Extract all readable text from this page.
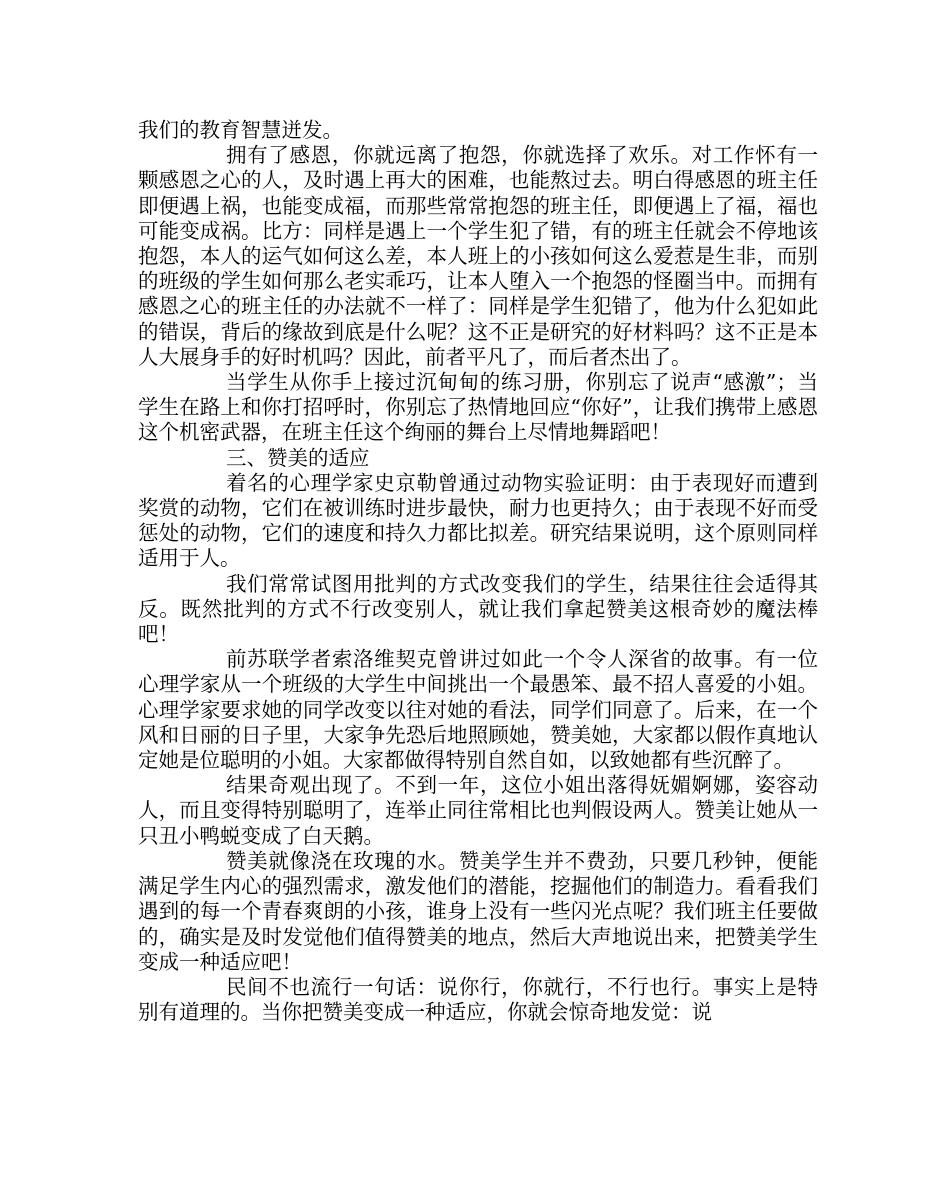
我们的教育智慧迸发。

拥有了感恩，你就远离了抱怨，你就选择了欢乐。对工作怀有一颗感恩之心的人，及时遇上再大的困难，也能熬过去。明白得感恩的班主任即便遇上祸，也能变成福，而那些常常抱怨的班主任，即便遇上了福，福也可能变成祸。比方：同样是遇上一个学生犯了错，有的班主任就会不停地该抱怨，本人的运气如何这么差，本人班上的小孩如何这么爱惹是生非，而别的班级的学生如何那么老实乖巧，让本人堕入一个抱怨的怪圈当中。而拥有感恩之心的班主任的办法就不一样了：同样是学生犯错了，他为什么犯如此的错误，背后的缘故到底是什么呢？这不正是研究的好材料吗？这不正是本人大展身手的好时机吗？因此，前者平凡了，而后者杰出了。

当学生从你手上接过沉甸甸的练习册，你别忘了说声“感激”；当学生在路上和你打招呼时，你别忘了热情地回应“你好”，让我们携带上感恩这个机密武器，在班主任这个绚丽的舞台上尽情地舞蹈吧！

三、赞美的适应

着名的心理学家史京勒曾通过动物实验证明：由于表现好而遭到奖赏的动物，它们在被训练时进步最快，耐力也更持久；由于表现不好而受惩处的动物，它们的速度和持久力都比拟差。研究结果说明，这个原则同样适用于人。

我们常常试图用批判的方式改变我们的学生，结果往往会适得其反。既然批判的方式不行改变别人，就让我们拿起赞美这根奇妙的魔法棒吧！

前苏联学者索洛维契克曾讲过如此一个令人深省的故事。有一位心理学家从一个班级的大学生中间挑出一个最愚笨、最不招人喜爱的小姐。心理学家要求她的同学改变以往对她的看法，同学们同意了。后来，在一个风和日丽的日子里，大家争先恐后地照顾她，赞美她，大家都以假作真地认定她是位聪明的小姐。大家都做得特别自然自如，以致她都有些沉醉了。

结果奇观出现了。不到一年，这位小姐出落得妩媚婀娜，姿容动人，而且变得特别聪明了，连举止同往常相比也判假设两人。赞美让她从一只丑小鸭蜕变成了白天鹅。

赞美就像浇在玫瑰的水。赞美学生并不费劲，只要几秒钟，便能满足学生内心的强烈需求，激发他们的潜能，挖掘他们的制造力。看看我们遇到的每一个青春爽朗的小孩，谁身上没有一些闪光点呢？我们班主任要做的，确实是及时发觉他们值得赞美的地点，然后大声地说出来，把赞美学生变成一种适应吧！

民间不也流行一句话：说你行，你就行，不行也行。事实上是特别有道理的。当你把赞美变成一种适应，你就会惊奇地发觉：说
